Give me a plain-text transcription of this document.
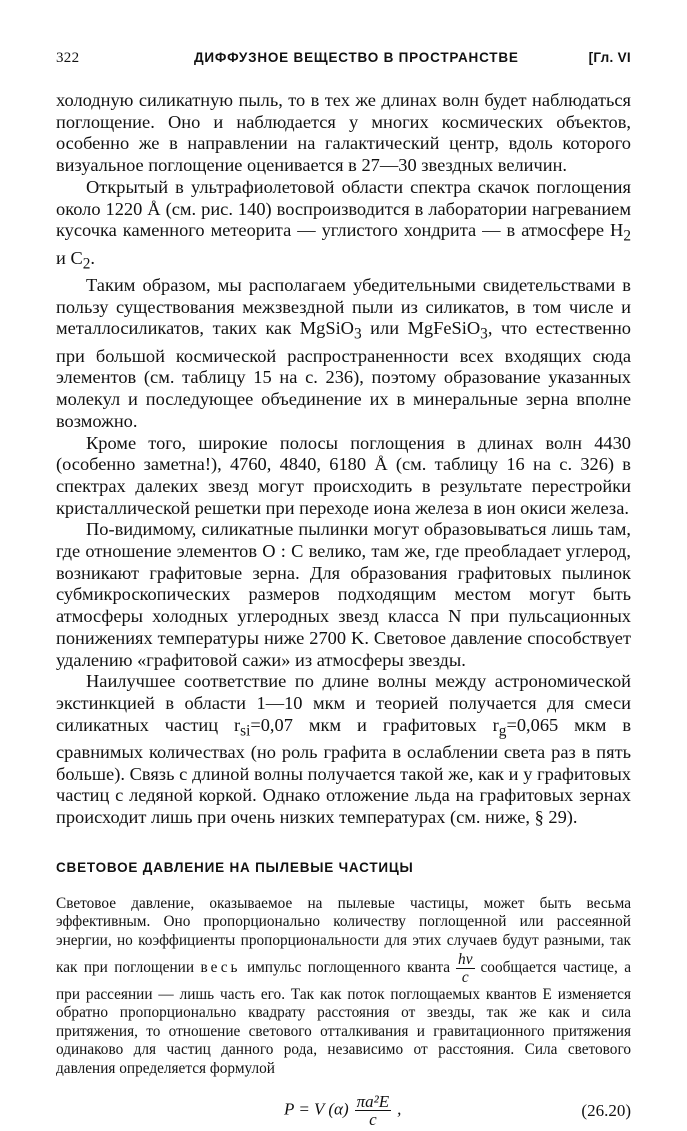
322	ДИФФУЗНОЕ ВЕЩЕСТВО В ПРОСТРАНСТВЕ	[Гл. VI

холодную силикатную пыль, то в тех же длинах волн будет наблюдаться поглощение. Оно и наблюдается у многих космических объектов, особенно же в направлении на галактический центр, вдоль которого визуальное поглощение оценивается в 27—30 звездных величин.

Открытый в ультрафиолетовой области спектра скачок поглощения около 1220 Å (см. рис. 140) воспроизводится в лаборатории нагреванием кусочка каменного метеорита — углистого хондрита — в атмосфере $H_2$ и $C_2$.

Таким образом, мы располагаем убедительными свидетельствами в пользу существования межзвездной пыли из силикатов, в том числе и металлосиликатов, таких как MgSiO$_3$ или MgFeSiO$_3$, что естественно при большой космической распространенности всех входящих сюда элементов (см. таблицу 15 на с. 236), поэтому образование указанных молекул и последующее объединение их в минеральные зерна вполне возможно.

Кроме того, широкие полосы поглощения в длинах волн 4430 (особенно заметна!), 4760, 4840, 6180 Å (см. таблицу 16 на с. 326) в спектрах далеких звезд могут происходить в результате перестройки кристаллической решетки при переходе иона железа в ион окиси железа.

По-видимому, силикатные пылинки могут образовываться лишь там, где отношение элементов O : C велико, там же, где преобладает углерод, возникают графитовые зерна. Для образования графитовых пылинок субмикроскопических размеров подходящим местом могут быть атмосферы холодных углеродных звезд класса N при пульсационных понижениях температуры ниже 2700 K. Световое давление способствует удалению «графитовой сажи» из атмосферы звезды.

Наилучшее соответствие по длине волны между астрономической экстинкцией в области 1—10 мкм и теорией получается для смеси силикатных частиц $r_{si}=0,07$ мкм и графитовых $r_g=0,065$ мкм в сравнимых количествах (но роль графита в ослаблении света раз в пять больше). Связь с длиной волны получается такой же, как и у графитовых частиц с ледяной коркой. Однако отложение льда на графитовых зернах происходит лишь при очень низких температурах (см. ниже, § 29).

СВЕТОВОЕ ДАВЛЕНИЕ НА ПЫЛЕВЫЕ ЧАСТИЦЫ

Световое давление, оказываемое на пылевые частицы, может быть весьма эффективным. Оно пропорционально количеству поглощенной или рассеянной энергии, но коэффициенты пропорциональности для этих случаев будут разными, так как при поглощении весь импульс поглощенного кванта $\frac{h\nu}{c}$ сообщается частице, а при рассеянии — лишь часть его. Так как поток поглощаемых квантов E изменяется обратно пропорционально квадрату расстояния от звезды, так же как и сила притяжения, то отношение светового отталкивания и гравитационного притяжения одинаково для частиц данного рода, независимо от расстояния. Сила светового давления определяется формулой

P = V $(\alpha) \frac{\text{πa²E}}{c}$ ,	(26.20)
